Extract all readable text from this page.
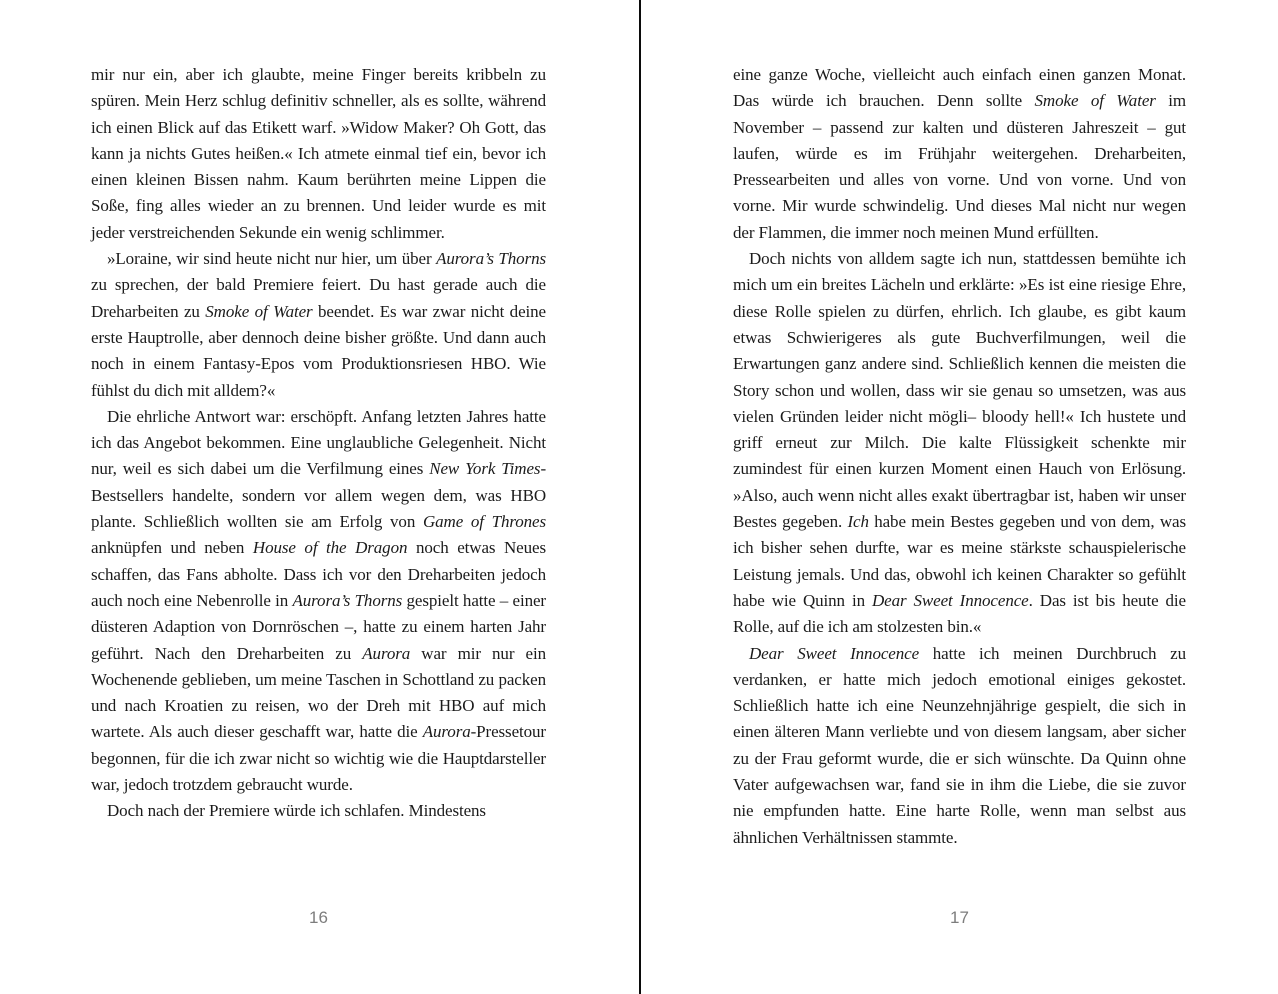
mir nur ein, aber ich glaubte, meine Finger bereits kribbeln zu spüren. Mein Herz schlug definitiv schneller, als es sollte, während ich einen Blick auf das Etikett warf. »Widow Maker? Oh Gott, das kann ja nichts Gutes heißen.« Ich atmete einmal tief ein, bevor ich einen kleinen Bissen nahm. Kaum berührten meine Lippen die Soße, fing alles wieder an zu brennen. Und leider wurde es mit jeder verstreichenden Sekunde ein wenig schlimmer.

»Loraine, wir sind heute nicht nur hier, um über Aurora’s Thorns zu sprechen, der bald Premiere feiert. Du hast gerade auch die Dreharbeiten zu Smoke of Water beendet. Es war zwar nicht deine erste Hauptrolle, aber dennoch deine bisher größte. Und dann auch noch in einem Fantasy-Epos vom Produktionsriesen HBO. Wie fühlst du dich mit alldem?«

Die ehrliche Antwort war: erschöpft. Anfang letzten Jahres hatte ich das Angebot bekommen. Eine unglaubliche Gelegenheit. Nicht nur, weil es sich dabei um die Verfilmung eines New York Times-Bestsellers handelte, sondern vor allem wegen dem, was HBO plante. Schließlich wollten sie am Erfolg von Game of Thrones anknüpfen und neben House of the Dragon noch etwas Neues schaffen, das Fans abholte. Dass ich vor den Dreharbeiten jedoch auch noch eine Nebenrolle in Aurora’s Thorns gespielt hatte – einer düsteren Adaption von Dornröschen –, hatte zu einem harten Jahr geführt. Nach den Dreharbeiten zu Aurora war mir nur ein Wochenende geblieben, um meine Taschen in Schottland zu packen und nach Kroatien zu reisen, wo der Dreh mit HBO auf mich wartete. Als auch dieser geschafft war, hatte die Aurora-Pressetour begonnen, für die ich zwar nicht so wichtig wie die Hauptdarsteller war, jedoch trotzdem gebraucht wurde.

Doch nach der Premiere würde ich schlafen. Mindestens

eine ganze Woche, vielleicht auch einfach einen ganzen Monat. Das würde ich brauchen. Denn sollte Smoke of Water im November – passend zur kalten und düsteren Jahreszeit – gut laufen, würde es im Frühjahr weitergehen. Dreharbeiten, Pressearbeiten und alles von vorne. Und von vorne. Und von vorne. Mir wurde schwindelig. Und dieses Mal nicht nur wegen der Flammen, die immer noch meinen Mund erfüllten.

Doch nichts von alldem sagte ich nun, stattdessen bemühte ich mich um ein breites Lächeln und erklärte: »Es ist eine riesige Ehre, diese Rolle spielen zu dürfen, ehrlich. Ich glaube, es gibt kaum etwas Schwierigeres als gute Buchverfilmungen, weil die Erwartungen ganz andere sind. Schließlich kennen die meisten die Story schon und wollen, dass wir sie genau so umsetzen, was aus vielen Gründen leider nicht mögli– bloody hell!« Ich hustete und griff erneut zur Milch. Die kalte Flüssigkeit schenkte mir zumindest für einen kurzen Moment einen Hauch von Erlösung. »Also, auch wenn nicht alles exakt übertragbar ist, haben wir unser Bestes gegeben. Ich habe mein Bestes gegeben und von dem, was ich bisher sehen durfte, war es meine stärkste schauspielerische Leistung jemals. Und das, obwohl ich keinen Charakter so gefühlt habe wie Quinn in Dear Sweet Innocence. Das ist bis heute die Rolle, auf die ich am stolzesten bin.«

Dear Sweet Innocence hatte ich meinen Durchbruch zu verdanken, er hatte mich jedoch emotional einiges gekostet. Schließlich hatte ich eine Neunzehnjährige gespielt, die sich in einen älteren Mann verliebte und von diesem langsam, aber sicher zu der Frau geformt wurde, die er sich wünschte. Da Quinn ohne Vater aufgewachsen war, fand sie in ihm die Liebe, die sie zuvor nie empfunden hatte. Eine harte Rolle, wenn man selbst aus ähnlichen Verhältnissen stammte.

16	17
